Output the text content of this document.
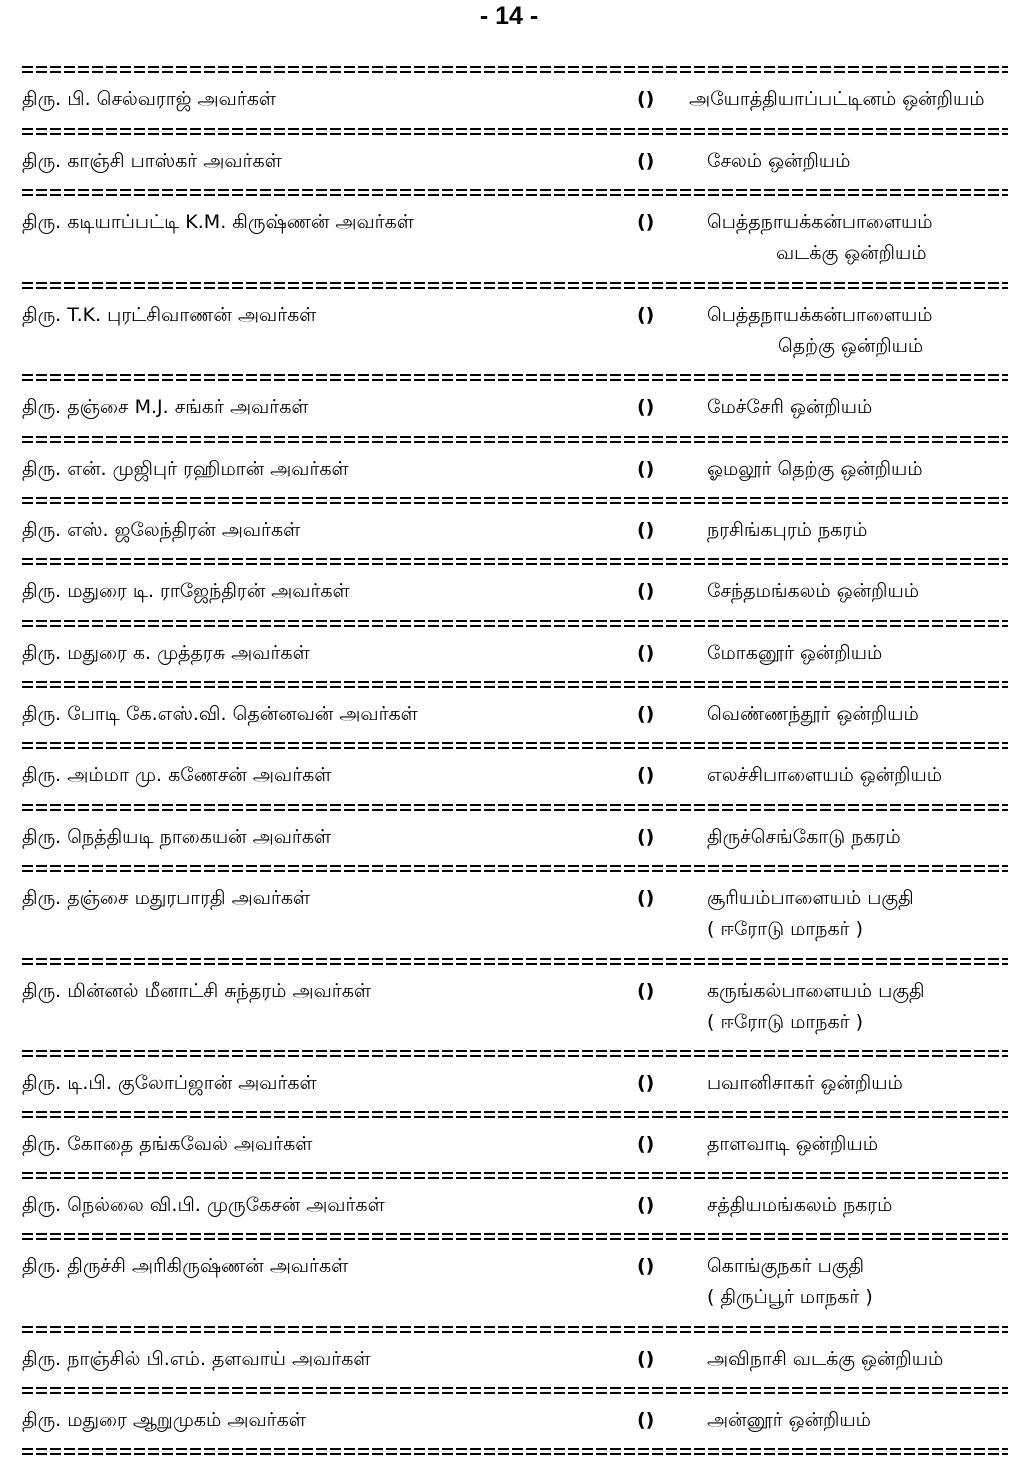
- 14 -
திரு. பி. செல்வராஜ் அவர்கள்	() அயோத்தியாப்பட்டினம் ஒன்றியம்
திரு. காஞ்சி பாஸ்கர் அவர்கள்	()	சேலம் ஒன்றியம்
திரு. கடியாப்பட்டி K.M. கிருஷ்ணன் அவர்கள்	()	பெத்தநாயக்கன்பாளையம்
வடக்கு ஒன்றியம்
திரு. T.K. புரட்சிவாணன் அவர்கள்	()	பெத்தநாயக்கன்பாளையம்
தெற்கு ஒன்றியம்
திரு. தஞ்சை M.J. சங்கர் அவர்கள்	()	மேச்சேரி ஒன்றியம்
திரு. என். முஜிபுர் ரஹிமான் அவர்கள்	()	ஓமலூர் தெற்கு ஒன்றியம்
திரு. எஸ். ஜலேந்திரன் அவர்கள்	()	நரசிங்கபுரம் நகரம்
திரு. மதுரை டி. ராஜேந்திரன் அவர்கள்	()	சேந்தமங்கலம் ஒன்றியம்
திரு. மதுரை க. முத்தரசு அவர்கள்	()	மோகனூர் ஒன்றியம்
திரு. போடி கே.எஸ்.வி. தென்னவன் அவர்கள்	()	வெண்ணந்தூர் ஒன்றியம்
திரு. அம்மா மு. கணேசன் அவர்கள்	()	எலச்சிபாளையம் ஒன்றியம்
திரு. நெத்தியடி நாகையன் அவர்கள்	()	திருச்செங்கோடு நகரம்
திரு. தஞ்சை மதுரபாரதி அவர்கள்	()	சூரியம்பாளையம் பகுதி
( ஈரோடு மாநகர் )
திரு. மின்னல் மீனாட்சி சுந்தரம் அவர்கள்	()	கருங்கல்பாளையம் பகுதி
( ஈரோடு மாநகர் )
திரு. டி.பி. குலோப்ஜான் அவர்கள்	()	பவானிசாகர் ஒன்றியம்
திரு. கோதை தங்கவேல் அவர்கள்	()	தாளவாடி ஒன்றியம்
திரு. நெல்லை வி.பி. முருகேசன் அவர்கள்	()	சத்தியமங்கலம் நகரம்
திரு. திருச்சி அரிகிருஷ்ணன் அவர்கள்	()	கொங்குநகர் பகுதி
( திருப்பூர் மாநகர் )
திரு. நாஞ்சில் பி.எம். தளவாய் அவர்கள்	()	அவிநாசி வடக்கு ஒன்றியம்
திரு. மதுரை ஆறுமுகம் அவர்கள்	()	அன்னூர் ஒன்றியம்
